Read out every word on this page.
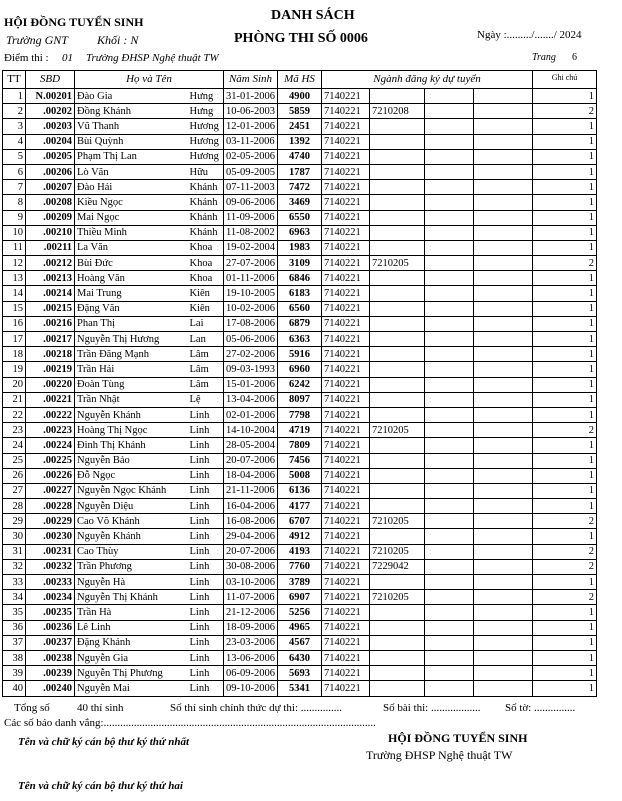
HỘI ĐỒNG TUYỂN SINH
Trường GNT Khối : N
DANH SÁCH
PHÒNG THI SỐ 0006	Ngày :........./......./ 2024
Điểm thi : 01 Trường ĐHSP Nghệ thuật TW	Trang 6
TT	SBD	Họ và Tên		Năm Sinh	Mã HS	Ngành đăng ký dự tuyển				Ghi chú
1	N.00201	Đào Gia	Hưng	31-01-2006	4900	7140221				1
2	.00202	Đồng Khánh	Hưng	10-06-2003	5859	7140221	7210208			2
3	.00203	Vũ Thanh	Hương	12-01-2006	2451	7140221				1
4	.00204	Bùi Quỳnh	Hương	03-11-2006	1392	7140221				1
5	.00205	Phạm Thị Lan	Hương	02-05-2006	4740	7140221				1
6	.00206	Lò Văn	Hữu	05-09-2005	1787	7140221				1
7	.00207	Đào Hải	Khánh	07-11-2003	7472	7140221				1
8	.00208	Kiều Ngọc	Khánh	09-06-2006	3469	7140221				1
9	.00209	Mai Ngọc	Khánh	11-09-2006	6550	7140221				1
10	.00210	Thiều Minh	Khánh	11-08-2002	6963	7140221				1
11	.00211	La Văn	Khoa	19-02-2004	1983	7140221				1
12	.00212	Bùi Đức	Khoa	27-07-2006	3109	7140221	7210205			2
13	.00213	Hoàng Văn	Khoa	01-11-2006	6846	7140221				1
14	.00214	Mai Trung	Kiên	19-10-2005	6183	7140221				1
15	.00215	Đặng Văn	Kiên	10-02-2006	6560	7140221				1
16	.00216	Phan Thị	Lai	17-08-2006	6879	7140221				1
17	.00217	Nguyễn Thị Hương	Lan	05-06-2006	6363	7140221				1
18	.00218	Trần Đăng Mạnh	Lâm	27-02-2006	5916	7140221				1
19	.00219	Trần Hải	Lâm	09-03-1993	6960	7140221				1
20	.00220	Đoàn Tùng	Lâm	15-01-2006	6242	7140221				1
21	.00221	Trần Nhật	Lệ	13-04-2006	8097	7140221				1
22	.00222	Nguyễn Khánh	Linh	02-01-2006	7798	7140221				1
23	.00223	Hoàng Thị Ngọc	Linh	14-10-2004	4719	7140221	7210205			2
24	.00224	Đinh Thị Khánh	Linh	28-05-2004	7809	7140221				1
25	.00225	Nguyễn Bảo	Linh	20-07-2006	7456	7140221				1
26	.00226	Đỗ Ngọc	Linh	18-04-2006	5008	7140221				1
27	.00227	Nguyễn Ngọc Khánh	Linh	21-11-2006	6136	7140221				1
28	.00228	Nguyễn Diệu	Linh	16-04-2006	4177	7140221				1
29	.00229	Cao Võ Khánh	Linh	16-08-2006	6707	7140221	7210205			2
30	.00230	Nguyễn Khánh	Linh	29-04-2006	4912	7140221				1
31	.00231	Cao Thùy	Linh	20-07-2006	4193	7140221	7210205			2
32	.00232	Trần Phương	Linh	30-08-2006	7760	7140221	7229042			2
33	.00233	Nguyễn Hà	Linh	03-10-2006	3789	7140221				1
34	.00234	Nguyễn Thị Khánh	Linh	11-07-2006	6907	7140221	7210205			2
35	.00235	Trần Hà	Linh	21-12-2006	5256	7140221				1
36	.00236	Lê Linh	Linh	18-09-2006	4965	7140221				1
37	.00237	Đặng Khánh	Linh	23-03-2006	4567	7140221				1
38	.00238	Nguyễn Gia	Linh	13-06-2006	6430	7140221				1
39	.00239	Nguyễn Thị Phương	Linh	06-09-2006	5693	7140221				1
40	.00240	Nguyễn Mai	Linh	09-10-2006	5341	7140221				1
Tổng số 40 thí sinh	Số thí sinh chính thức dự thi: ...............	Số bài thi: .................. Số tờ: ...............
Các số báo danh vắng:...................................................................................................
Tên và chữ ký cán bộ thư ký thứ nhất	HỘI ĐỒNG TUYỂN SINH
Trường ĐHSP Nghệ thuật TW
Tên và chữ ký cán bộ thư ký thứ hai
